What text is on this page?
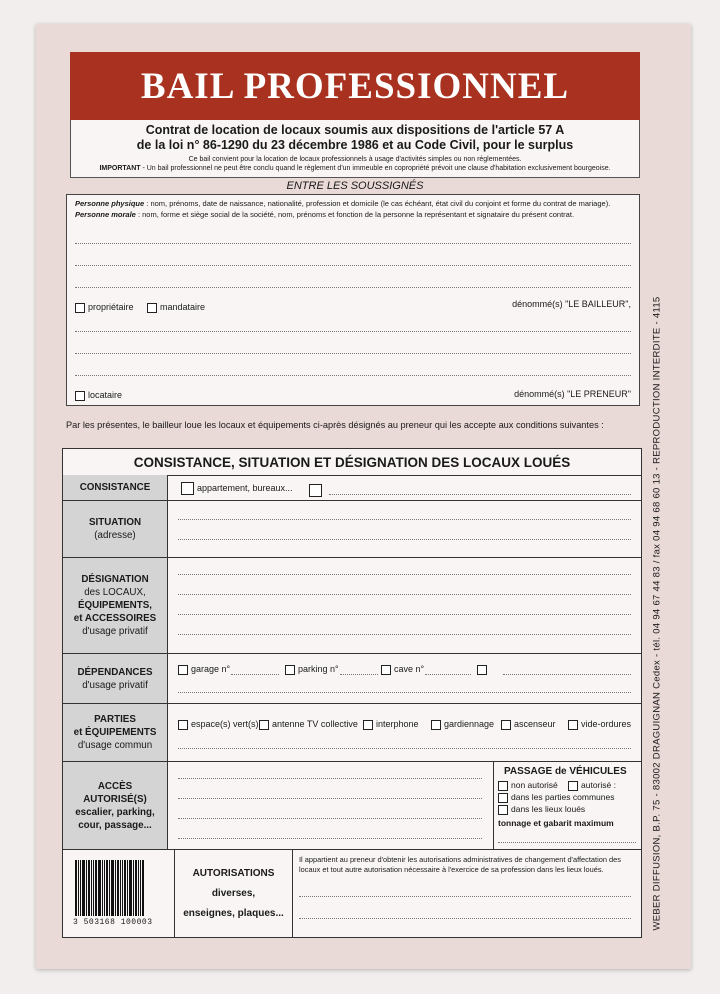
BAIL PROFESSIONNEL
Contrat de location de locaux soumis aux dispositions de l'article 57 A
de la loi n° 86-1290 du 23 décembre 1986 et au Code Civil, pour le surplus
Ce bail convient pour la location de locaux professionnels à usage d'activités simples ou non réglementées.
IMPORTANT - Un bail professionnel ne peut être conclu quand le règlement d'un immeuble en copropriété prévoit une clause d'habitation exclusivement bourgeoise.
ENTRE LES SOUSSIGNÉS
Personne physique : nom, prénoms, date de naissance, nationalité, profession et domicile (le cas échéant, état civil du conjoint et forme du contrat de mariage).
Personne morale : nom, forme et siège social de la société, nom, prénoms et fonction de la personne la représentant et signataire du présent contrat.
propriétaire	mandataire	dénommé(s) "LE BAILLEUR",
locataire	dénommé(s) "LE PRENEUR"
Par les présentes, le bailleur loue les locaux et équipements ci-après désignés au preneur qui les accepte aux conditions suivantes :
CONSISTANCE, SITUATION ET DÉSIGNATION DES LOCAUX LOUÉS
CONSISTANCE	appartement, bureaux...
SITUATION
(adresse)
DÉSIGNATION
des LOCAUX,
ÉQUIPEMENTS,
et ACCESSOIRES
d'usage privatif
DÉPENDANCES
d'usage privatif
garage n°	parking n°	cave n°
PARTIES
et ÉQUIPEMENTS
d'usage commun
espace(s) vert(s)	antenne TV collective	interphone	gardiennage	ascenseur	vide-ordures
ACCÈS
AUTORISÉ(S)
escalier, parking,
cour, passage...
PASSAGE de VÉHICULES
non autorisé	autorisé :
dans les parties communes
dans les lieux loués
tonnage et gabarit maximum
3 503168 100003
AUTORISATIONS
diverses,
enseignes, plaques...
Il appartient au preneur d'obtenir les autorisations administratives de changement d'affectation des locaux et tout autre autorisation nécessaire à l'exercice de sa profession dans les lieux loués.	WEBER DIFFUSION, B.P. 75 - 83002 DRAGUIGNAN Cedex - tél. 04 94 67 44 83 / fax 04 94 68 60 13 - REPRODUCTION INTERDITE - 4115
